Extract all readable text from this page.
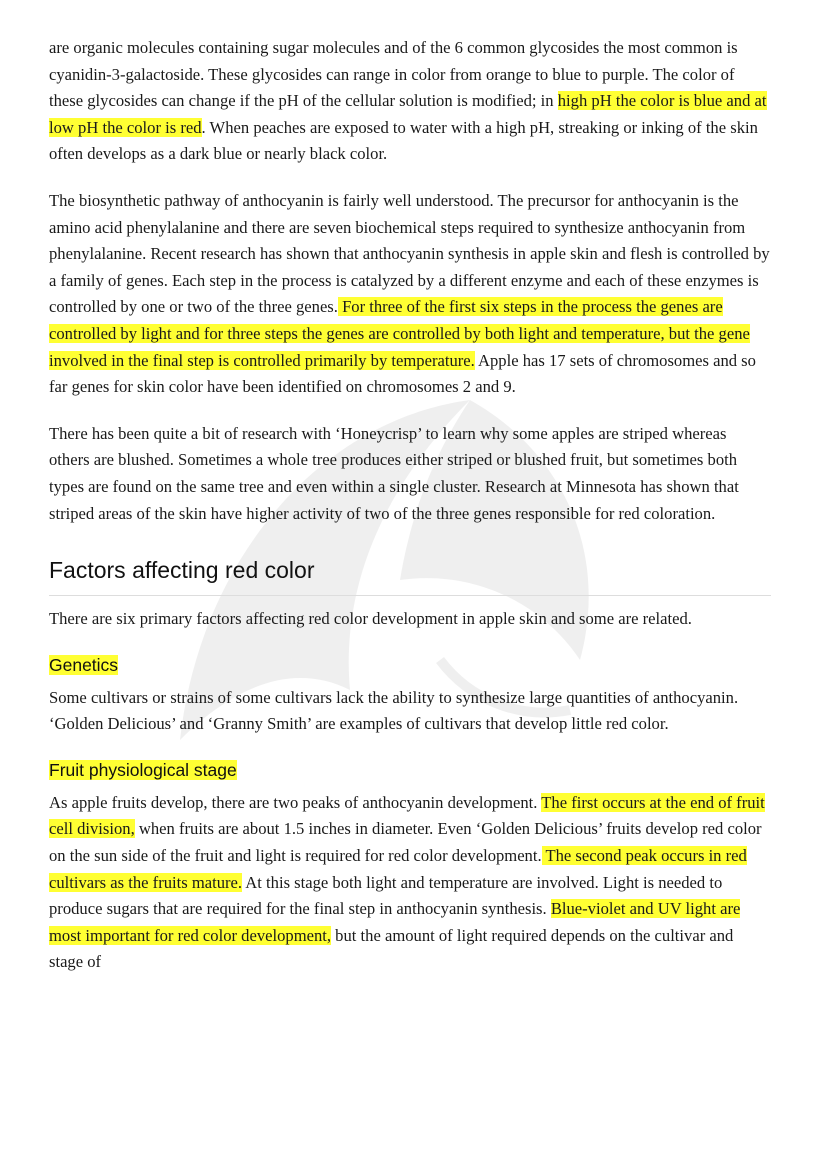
are organic molecules containing sugar molecules and of the 6 common glycosides the most common is cyanidin-3-galactoside. These glycosides can range in color from orange to blue to purple. The color of these glycosides can change if the pH of the cellular solution is modified; in high pH the color is blue and at low pH the color is red. When peaches are exposed to water with a high pH, streaking or inking of the skin often develops as a dark blue or nearly black color.

The biosynthetic pathway of anthocyanin is fairly well understood. The precursor for anthocyanin is the amino acid phenylalanine and there are seven biochemical steps required to synthesize anthocyanin from phenylalanine. Recent research has shown that anthocyanin synthesis in apple skin and flesh is controlled by a family of genes. Each step in the process is catalyzed by a different enzyme and each of these enzymes is controlled by one or two of the three genes. For three of the first six steps in the process the genes are controlled by light and for three steps the genes are controlled by both light and temperature, but the gene involved in the final step is controlled primarily by temperature. Apple has 17 sets of chromosomes and so far genes for skin color have been identified on chromosomes 2 and 9.

There has been quite a bit of research with ‘Honeycrisp’ to learn why some apples are striped whereas others are blushed. Sometimes a whole tree produces either striped or blushed fruit, but sometimes both types are found on the same tree and even within a single cluster. Research at Minnesota has shown that striped areas of the skin have higher activity of two of the three genes responsible for red coloration.

Factors affecting red color

There are six primary factors affecting red color development in apple skin and some are related.

Genetics

Some cultivars or strains of some cultivars lack the ability to synthesize large quantities of anthocyanin. ‘Golden Delicious’ and ‘Granny Smith’ are examples of cultivars that develop little red color.

Fruit physiological stage

As apple fruits develop, there are two peaks of anthocyanin development. The first occurs at the end of fruit cell division, when fruits are about 1.5 inches in diameter. Even ‘Golden Delicious’ fruits develop red color on the sun side of the fruit and light is required for red color development. The second peak occurs in red cultivars as the fruits mature. At this stage both light and temperature are involved. Light is needed to produce sugars that are required for the final step in anthocyanin synthesis. Blue-violet and UV light are most important for red color development, but the amount of light required depends on the cultivar and stage of
